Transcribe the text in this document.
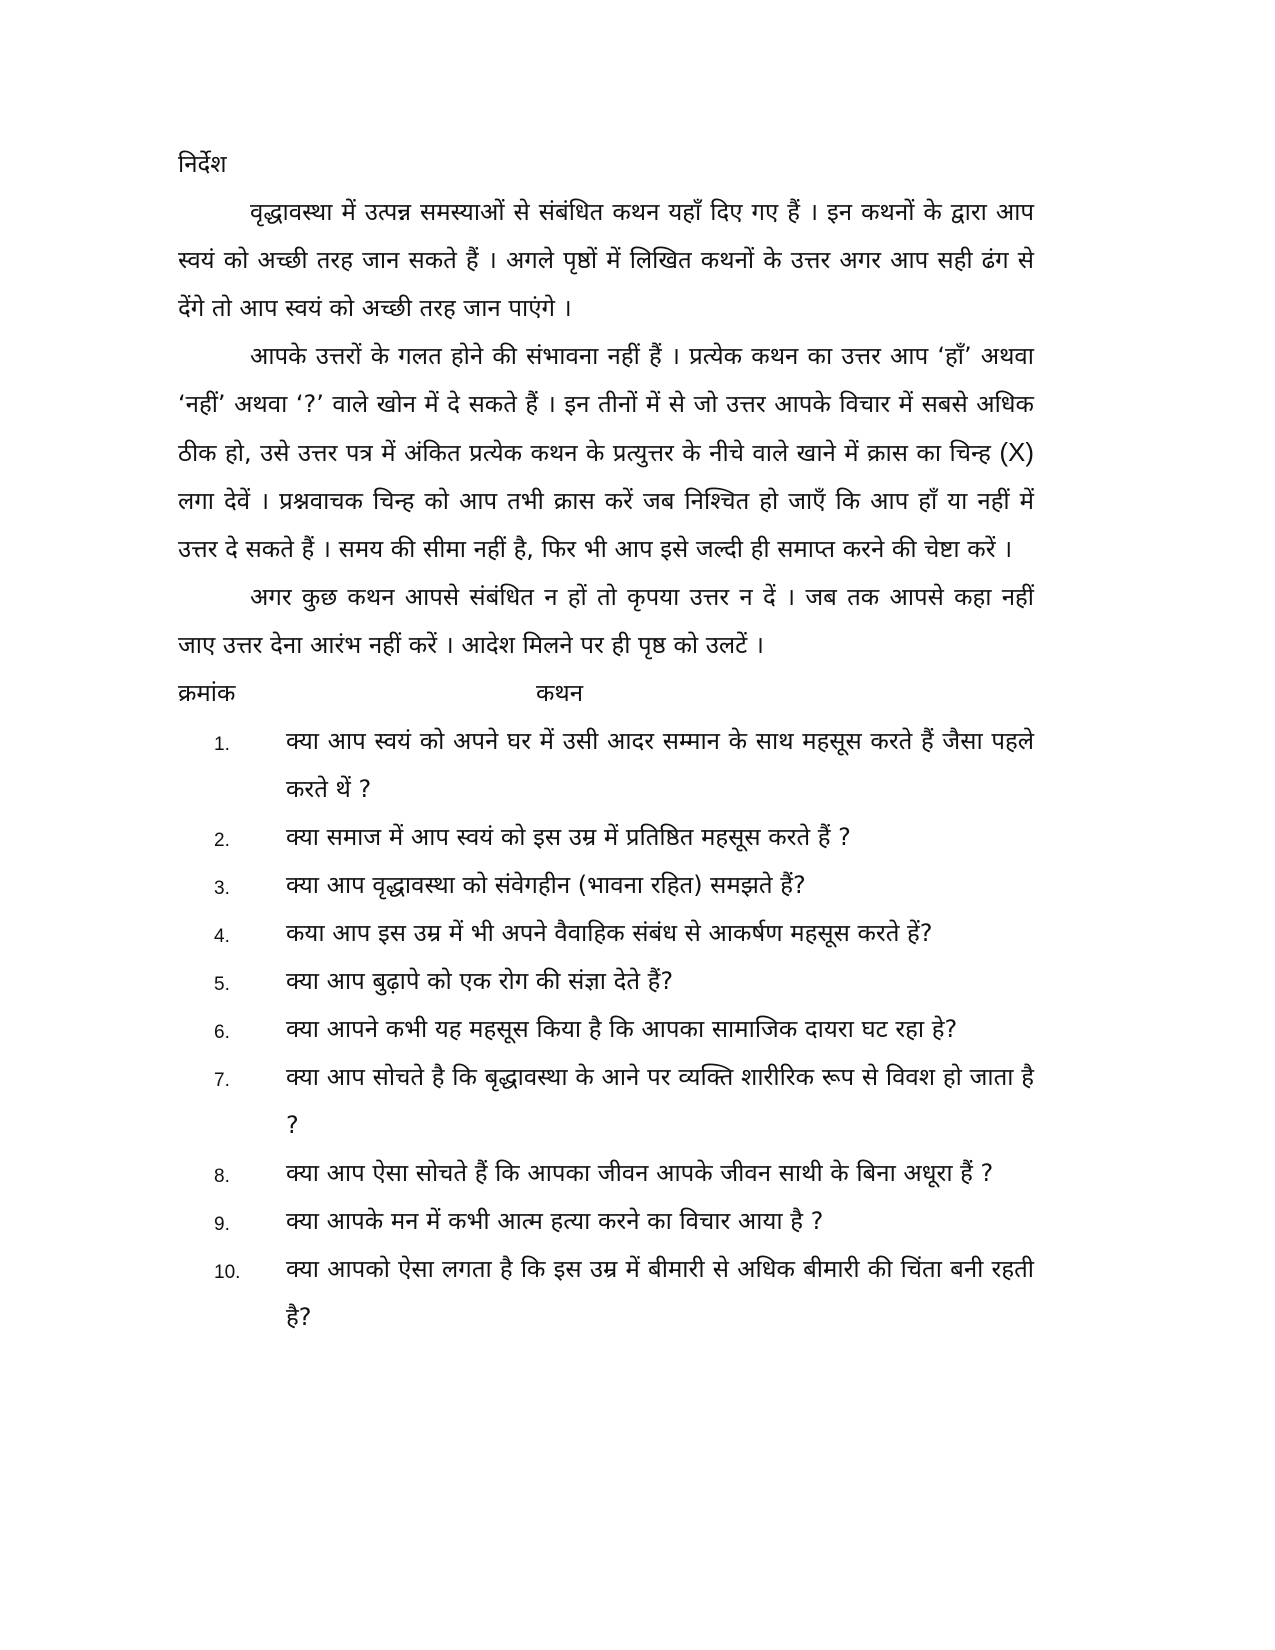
निर्देश

वृद्धावस्था में उत्पन्न समस्याओं से संबंधित कथन यहाँ दिए गए हैं । इन कथनों के द्वारा आप स्वयं को अच्छी तरह जान सकते हैं । अगले पृष्ठों में लिखित कथनों के उत्तर अगर आप सही ढंग से देंगे तो आप स्वयं को अच्छी तरह जान पाएंगे ।

आपके उत्तरों के गलत होने की संभावना नहीं हैं । प्रत्येक कथन का उत्तर आप ‘हाँ’ अथवा ‘नहीं’ अथवा ‘?’ वाले खोन में दे सकते हैं । इन तीनों में से जो उत्तर आपके विचार में सबसे अधिक ठीक हो, उसे उत्तर पत्र में अंकित प्रत्येक कथन के प्रत्युत्तर के नीचे वाले खाने में क्रास का चिन्ह (X) लगा देवें । प्रश्नवाचक चिन्ह को आप तभी क्रास करें जब निश्चित हो जाएँ कि आप हाँ या नहीं में उत्तर दे सकते हैं । समय की सीमा नहीं है, फिर भी आप इसे जल्दी ही समाप्त करने की चेष्टा करें ।

अगर कुछ कथन आपसे संबंधित न हों तो कृपया उत्तर न दें । जब तक आपसे कहा नहीं जाए उत्तर देना आरंभ नहीं करें । आदेश मिलने पर ही पृष्ठ को उलटें ।

क्रमांक	कथन
1. क्या आप स्वयं को अपने घर में उसी आदर सम्मान के साथ महसूस करते हैं जैसा पहले करते थें ?
2. क्या समाज में आप स्वयं को इस उम्र में प्रतिष्ठित महसूस करते हैं ?
3. क्या आप वृद्धावस्था को संवेगहीन (भावना रहित) समझते हैं?
4. कया आप इस उम्र में भी अपने वैवाहिक संबंध से आकर्षण महसूस करते हें?
5. क्या आप बुढ़ापे को एक रोग की संज्ञा देते हैं?
6. क्या आपने कभी यह महसूस किया है कि आपका सामाजिक दायरा घट रहा हे?
7. क्या आप सोचते है कि बृद्धावस्था के आने पर व्यक्ति शारीरिक रूप से विवश हो जाता है ?
8. क्या आप ऐसा सोचते हैं कि आपका जीवन आपके जीवन साथी के बिना अधूरा हैं ?
9. क्या आपके मन में कभी आत्म हत्या करने का विचार आया है ?
10. क्या आपको ऐसा लगता है कि इस उम्र में बीमारी से अधिक बीमारी की चिंता बनी रहती है?
